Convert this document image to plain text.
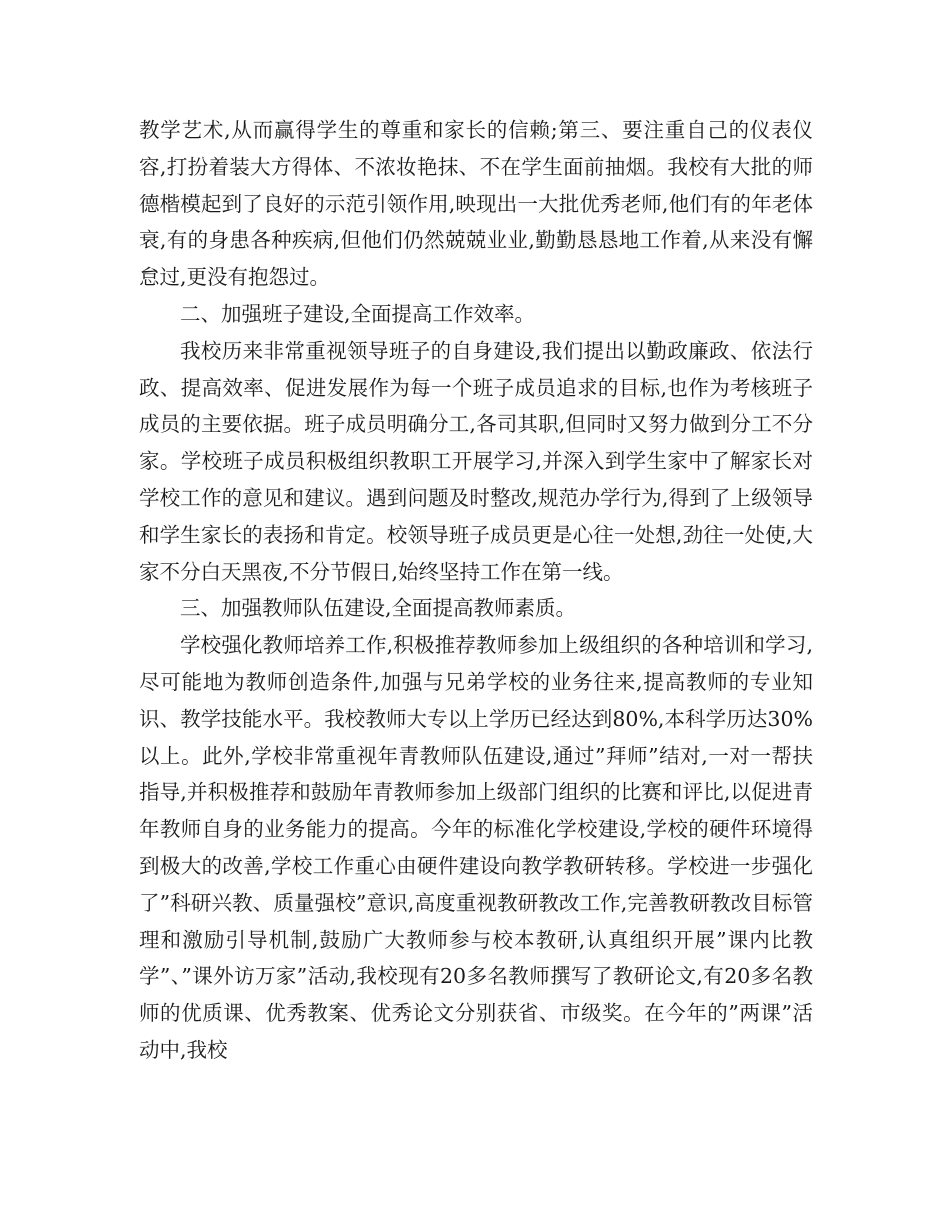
教学艺术,从而赢得学生的尊重和家长的信赖;第三、要注重自己的仪表仪容,打扮着装大方得体、不浓妆艳抹、不在学生面前抽烟。我校有大批的师德楷模起到了良好的示范引领作用,映现出一大批优秀老师,他们有的年老体衰,有的身患各种疾病,但他们仍然兢兢业业,勤勤恳恳地工作着,从来没有懈怠过,更没有抱怨过。

二、加强班子建设,全面提高工作效率。

我校历来非常重视领导班子的自身建设,我们提出以勤政廉政、依法行政、提高效率、促进发展作为每一个班子成员追求的目标,也作为考核班子成员的主要依据。班子成员明确分工,各司其职,但同时又努力做到分工不分家。学校班子成员积极组织教职工开展学习,并深入到学生家中了解家长对学校工作的意见和建议。遇到问题及时整改,规范办学行为,得到了上级领导和学生家长的表扬和肯定。校领导班子成员更是心往一处想,劲往一处使,大家不分白天黑夜,不分节假日,始终坚持工作在第一线。

三、加强教师队伍建设,全面提高教师素质。

学校强化教师培养工作,积极推荐教师参加上级组织的各种培训和学习,尽可能地为教师创造条件,加强与兄弟学校的业务往来,提高教师的专业知识、教学技能水平。我校教师大专以上学历已经达到80%,本科学历达30%以上。此外,学校非常重视年青教师队伍建设,通过”拜师”结对,一对一帮扶指导,并积极推荐和鼓励年青教师参加上级部门组织的比赛和评比,以促进青年教师自身的业务能力的提高。今年的标准化学校建设,学校的硬件环境得到极大的改善,学校工作重心由硬件建设向教学教研转移。学校进一步强化了”科研兴教、质量强校”意识,高度重视教研教改工作,完善教研教改目标管理和激励引导机制,鼓励广大教师参与校本教研,认真组织开展”课内比教学”、”课外访万家”活动,我校现有20多名教师撰写了教研论文,有20多名教师的优质课、优秀教案、优秀论文分别获省、市级奖。在今年的”两课”活动中,我校
